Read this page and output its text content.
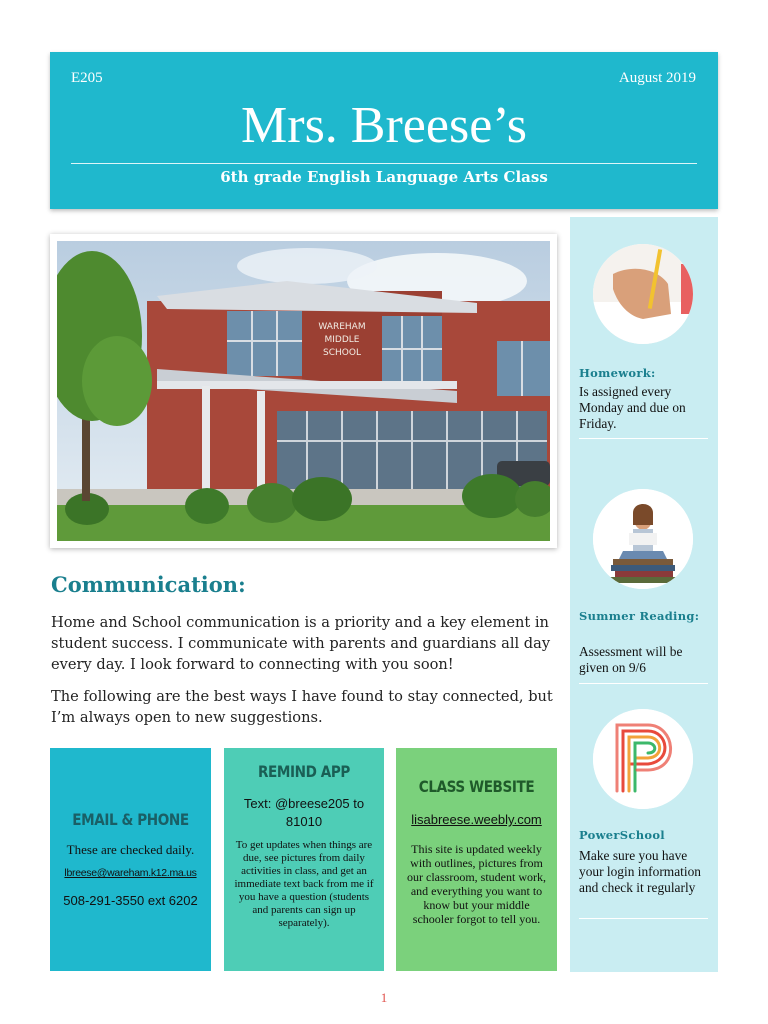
E205	August 2019
Mrs. Breese’s
6th grade English Language Arts Class
WAREHAM
MIDDLE
SCHOOL
Communication:
Home and School communication is a priority and a key element in student success. I communicate with parents and guardians all day every day. I look forward to connecting with you soon!
The following are the best ways I have found to stay connected, but I’m always open to new suggestions.
EMAIL & PHONE
These are checked daily.
lbreese@wareham.k12.ma.us
508-291-3550 ext 6202
REMIND APP
Text: @breese205 to
81010
To get updates when things are due, see pictures from daily activities in class, and get an immediate text back from me if you have a question (students and parents can sign up separately).
CLASS WEBSITE
lisabreese.weebly.com
This site is updated weekly with outlines, pictures from our classroom, student work, and everything you want to know but your middle schooler forgot to tell you.
Homework:
Is assigned every Monday and due on Friday.
Summer Reading:
Assessment will be given on 9/6
PowerSchool
Make sure you have your login information and check it regularly
1
